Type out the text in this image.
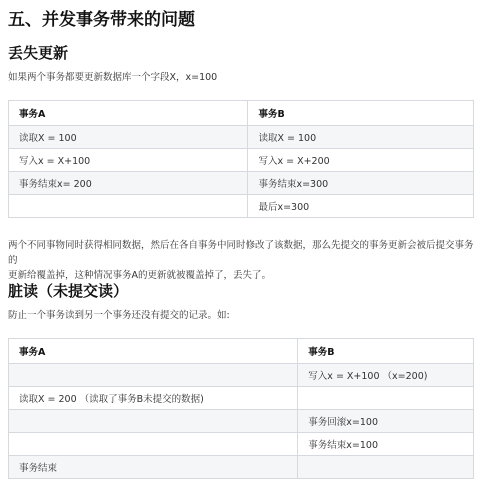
五、并发事务带来的问题
丢失更新
如果两个事务都要更新数据库一个字段X，x=100
事务A	事务B
读取X = 100	读取X = 100
写入x = X+100	写入x = X+200
事务结束x= 200	事务结束x=300
	最后x=300
两个不同事物同时获得相同数据，然后在各自事务中同时修改了该数据，那么先提交的事务更新会被后提交事务的
更新给覆盖掉，这种情况事务A的更新就被覆盖掉了，丢失了。
脏读（未提交读）
防止一个事务读到另一个事务还没有提交的记录。如:
事务A	事务B
	写入x = X+100 （x=200)
读取X = 200 （读取了事务B未提交的数据)	
	事务回滚x=100
	事务结束x=100
事务结束	
